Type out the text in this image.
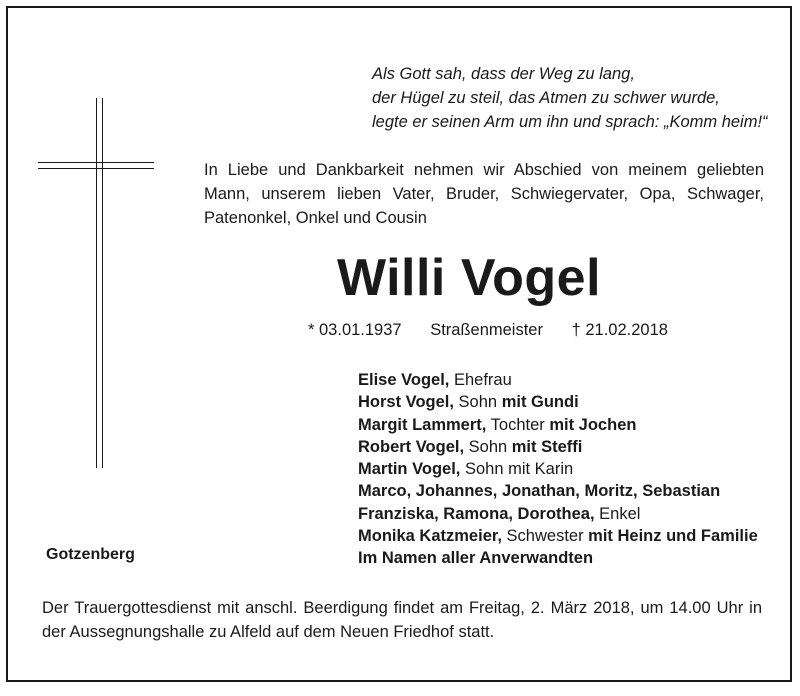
Als Gott sah, dass der Weg zu lang,
der Hügel zu steil, das Atmen zu schwer wurde,
legte er seinen Arm um ihn und sprach: „Komm heim!“
In Liebe und Dankbarkeit nehmen wir Abschied von meinem geliebten Mann, unserem lieben Vater, Bruder, Schwiegervater, Opa, Schwager, Patenonkel, Onkel und Cousin
Willi Vogel
* 03.01.1937 Straßenmeister † 21.02.2018
Elise Vogel, Ehefrau
Horst Vogel, Sohn mit Gundi
Margit Lammert, Tochter mit Jochen
Robert Vogel, Sohn mit Steffi
Martin Vogel, Sohn mit Karin
Marco, Johannes, Jonathan, Moritz, Sebastian
Franziska, Ramona, Dorothea, Enkel
Monika Katzmeier, Schwester mit Heinz und Familie
Im Namen aller Anverwandten
Gotzenberg
Der Trauergottesdienst mit anschl. Beerdigung findet am Freitag, 2. März 2018, um 14.00 Uhr in der Aussegnungshalle zu Alfeld auf dem Neuen Friedhof statt.
